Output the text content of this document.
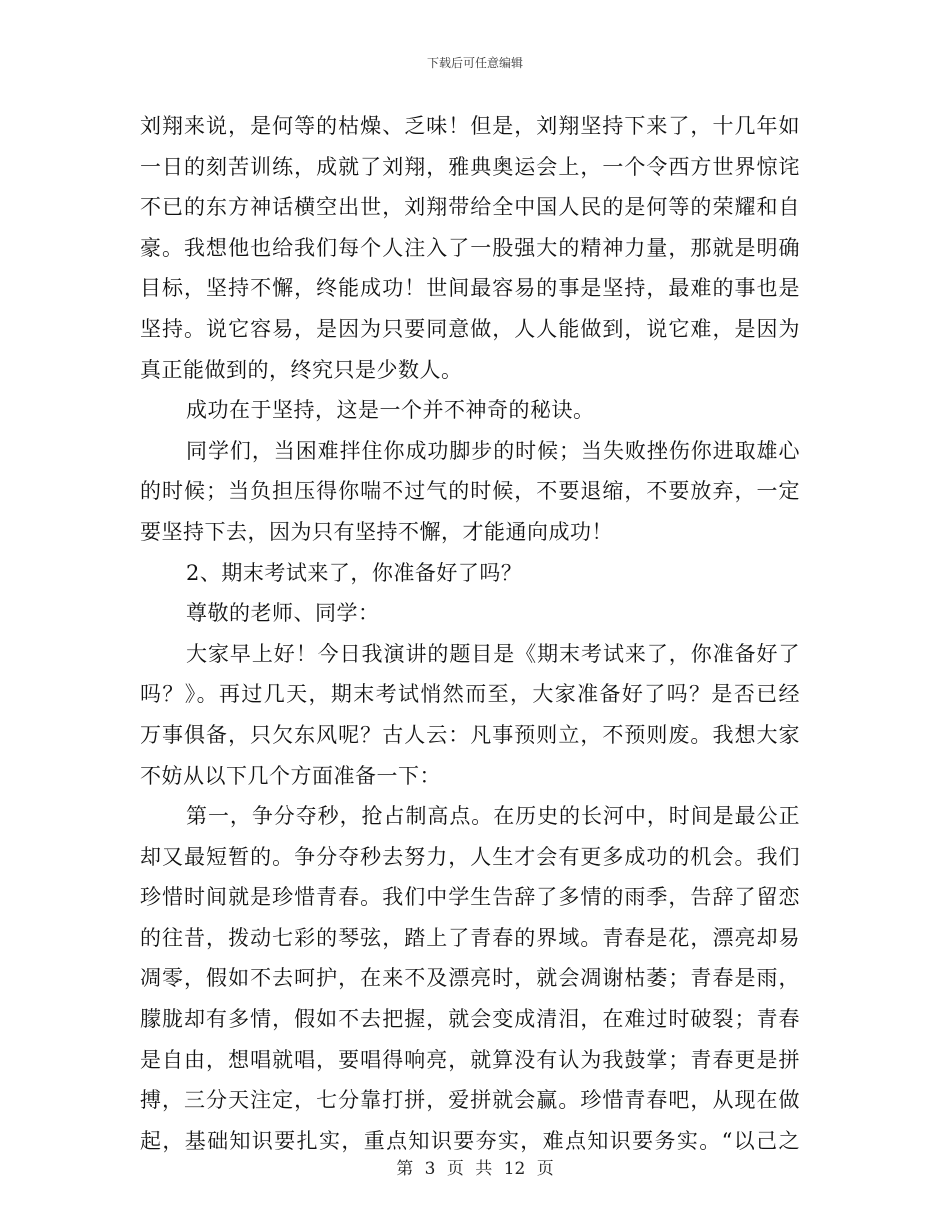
下载后可任意编辑
刘翔来说，是何等的枯燥、乏味！但是，刘翔坚持下来了，十几年如
一日的刻苦训练，成就了刘翔，雅典奥运会上，一个令西方世界惊诧
不已的东方神话横空出世，刘翔带给全中国人民的是何等的荣耀和自
豪。我想他也给我们每个人注入了一股强大的精神力量，那就是明确
目标，坚持不懈，终能成功！世间最容易的事是坚持，最难的事也是
坚持。说它容易，是因为只要同意做，人人能做到，说它难，是因为
真正能做到的，终究只是少数人。
成功在于坚持，这是一个并不神奇的秘诀。
同学们，当困难拌住你成功脚步的时候；当失败挫伤你进取雄心
的时候；当负担压得你喘不过气的时候，不要退缩，不要放弃，一定
要坚持下去，因为只有坚持不懈，才能通向成功！
2、期末考试来了，你准备好了吗？
尊敬的老师、同学：
大家早上好！今日我演讲的题目是《期末考试来了，你准备好了
吗？》。再过几天，期末考试悄然而至，大家准备好了吗？是否已经
万事俱备，只欠东风呢？古人云：凡事预则立，不预则废。我想大家
不妨从以下几个方面准备一下：
第一，争分夺秒，抢占制高点。在历史的长河中，时间是最公正
却又最短暂的。争分夺秒去努力，人生才会有更多成功的机会。我们
珍惜时间就是珍惜青春。我们中学生告辞了多情的雨季，告辞了留恋
的往昔，拨动七彩的琴弦，踏上了青春的界域。青春是花，漂亮却易
凋零，假如不去呵护，在来不及漂亮时，就会凋谢枯萎；青春是雨，
朦胧却有多情，假如不去把握，就会变成清泪，在难过时破裂；青春
是自由，想唱就唱，要唱得响亮，就算没有认为我鼓掌；青春更是拼
搏，三分天注定，七分靠打拼，爱拼就会赢。珍惜青春吧，从现在做
起，基础知识要扎实，重点知识要夯实，难点知识要务实。“以己之
第 3 页 共 12 页
